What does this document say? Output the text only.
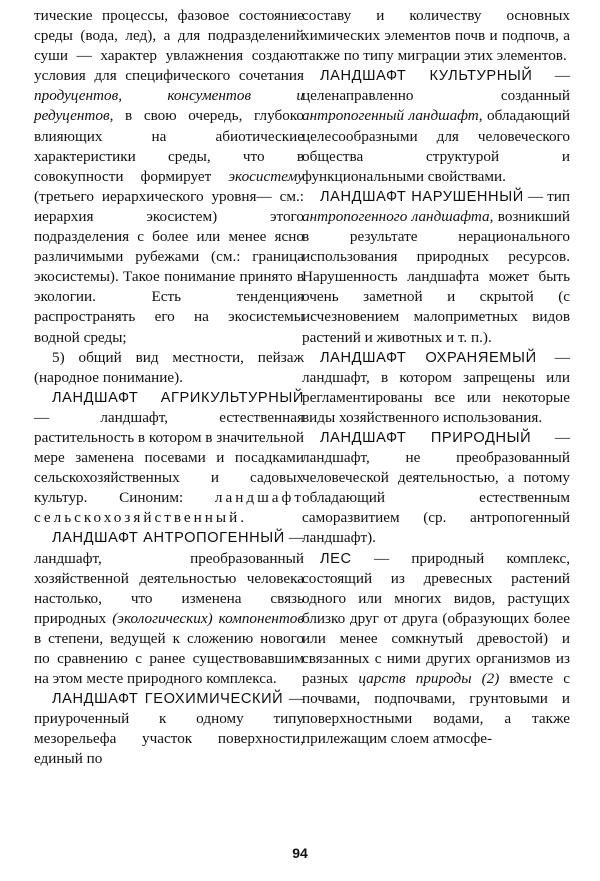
тические процессы, фазовое состояние среды (вода, лед), а для подразделений суши — характер увлажнения создают условия для специфического сочетания продуцентов, консументов и редуцентов, в свою очередь, глубоко влияющих на абиотические характеристики среды, что в совокупности формирует экосистему (третьего иерархического уровня— см.: иерархия экосистем) этого подразделения с более или менее ясно различимыми рубежами (см.: граница экосистемы). Такое понимание принято в экологии. Есть тенденция распространять его на экосистемы водной среды;

5) общий вид местности, пейзаж (народное понимание).

ЛАНДШАФТ АГРИКУЛЬТУРНЫЙ — ландшафт, естественная растительность в котором в значительной мере заменена посевами и посадками сельскохозяйственных и садовых культур. Синоним: ландшафт сельскохозяйственный.

ЛАНДШАФТ АНТРОПОГЕННЫЙ — ландшафт, преобразованный хозяйственной деятельностью человека настолько, что изменена связь природных (экологических) компонентов в степени, ведущей к сложению нового по сравнению с ранее существовавшим на этом месте природного комплекса.

ЛАНДШАФТ ГЕОХИМИЧЕСКИЙ — приуроченный к одному типу мезорельефа участок поверхности, единый по

составу и количеству основных химических элементов почв и подпочв, а также по типу миграции этих элементов.

ЛАНДШАФТ КУЛЬТУРНЫЙ — целенаправленно созданный антропогенный ландшафт, обладающий целесообразными для человеческого общества структурой и функциональными свойствами.

ЛАНДШАФТ НАРУШЕННЫЙ — тип антропогенного ландшафта, возникший в результате нерационального использования природных ресурсов. Нарушенность ландшафта может быть очень заметной и скрытой (с исчезновением малоприметных видов растений и животных и т. п.).

ЛАНДШАФТ ОХРАНЯЕМЫЙ — ландшафт, в котором запрещены или регламентированы все или некоторые виды хозяйственного использования.

ЛАНДШАФТ ПРИРОДНЫЙ — ландшафт, не преобразованный человеческой деятельностью, а потому обладающий естественным саморазвитием (ср. антропогенный ландшафт).

ЛЕС — природный комплекс, состоящий из древесных растений одного или многих видов, растущих близко друг от друга (образующих более или менее сомкнутый древостой) и связанных с ними других организмов из разных царств природы (2) вместе с почвами, подпочвами, грунтовыми и поверхностными водами, а также прилежащим слоем атмосфе-

94
